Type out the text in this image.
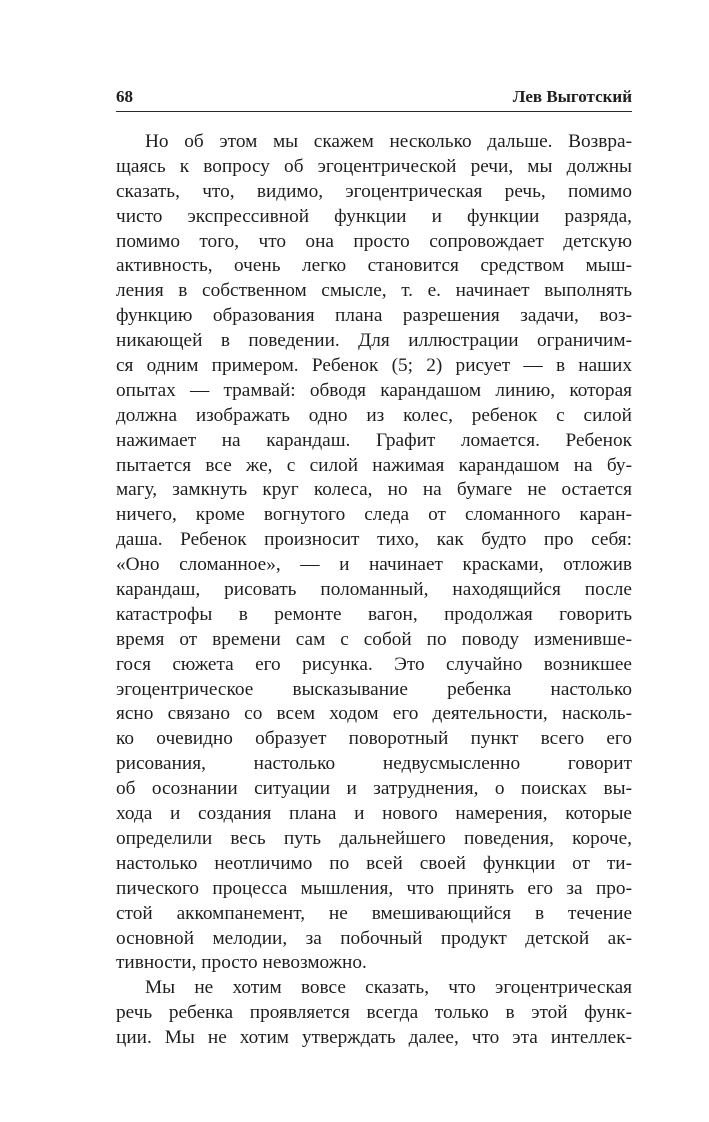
68	Лев Выготский
Но об этом мы скажем несколько дальше. Возвра-
щаясь к вопросу об эгоцентрической речи, мы должны
сказать, что, видимо, эгоцентрическая речь, помимо
чисто экспрессивной функции и функции разряда,
помимо того, что она просто сопровождает детскую
активность, очень легко становится средством мыш-
ления в собственном смысле, т. е. начинает выполнять
функцию образования плана разрешения задачи, воз-
никающей в поведении. Для иллюстрации ограничим-
ся одним примером. Ребенок (5; 2) рисует — в наших
опытах — трамвай: обводя карандашом линию, которая
должна изображать одно из колес, ребенок с силой
нажимает на карандаш. Графит ломается. Ребенок
пытается все же, с силой нажимая карандашом на бу-
магу, замкнуть круг колеса, но на бумаге не остается
ничего, кроме вогнутого следа от сломанного каран-
даша. Ребенок произносит тихо, как будто про себя:
«Оно сломанное», — и начинает красками, отложив
карандаш, рисовать поломанный, находящийся после
катастрофы в ремонте вагон, продолжая говорить
время от времени сам с собой по поводу изменивше-
гося сюжета его рисунка. Это случайно возникшее
эгоцентрическое высказывание ребенка настолько
ясно связано со всем ходом его деятельности, насколь-
ко очевидно образует поворотный пункт всего его
рисования, настолько недвусмысленно говорит
об осознании ситуации и затруднения, о поисках вы-
хода и создания плана и нового намерения, которые
определили весь путь дальнейшего поведения, короче,
настолько неотличимо по всей своей функции от ти-
пического процесса мышления, что принять его за про-
стой аккомпанемент, не вмешивающийся в течение
основной мелодии, за побочный продукт детской ак-
тивности, просто невозможно.
Мы не хотим вовсе сказать, что эгоцентрическая
речь ребенка проявляется всегда только в этой функ-
ции. Мы не хотим утверждать далее, что эта интеллек-
